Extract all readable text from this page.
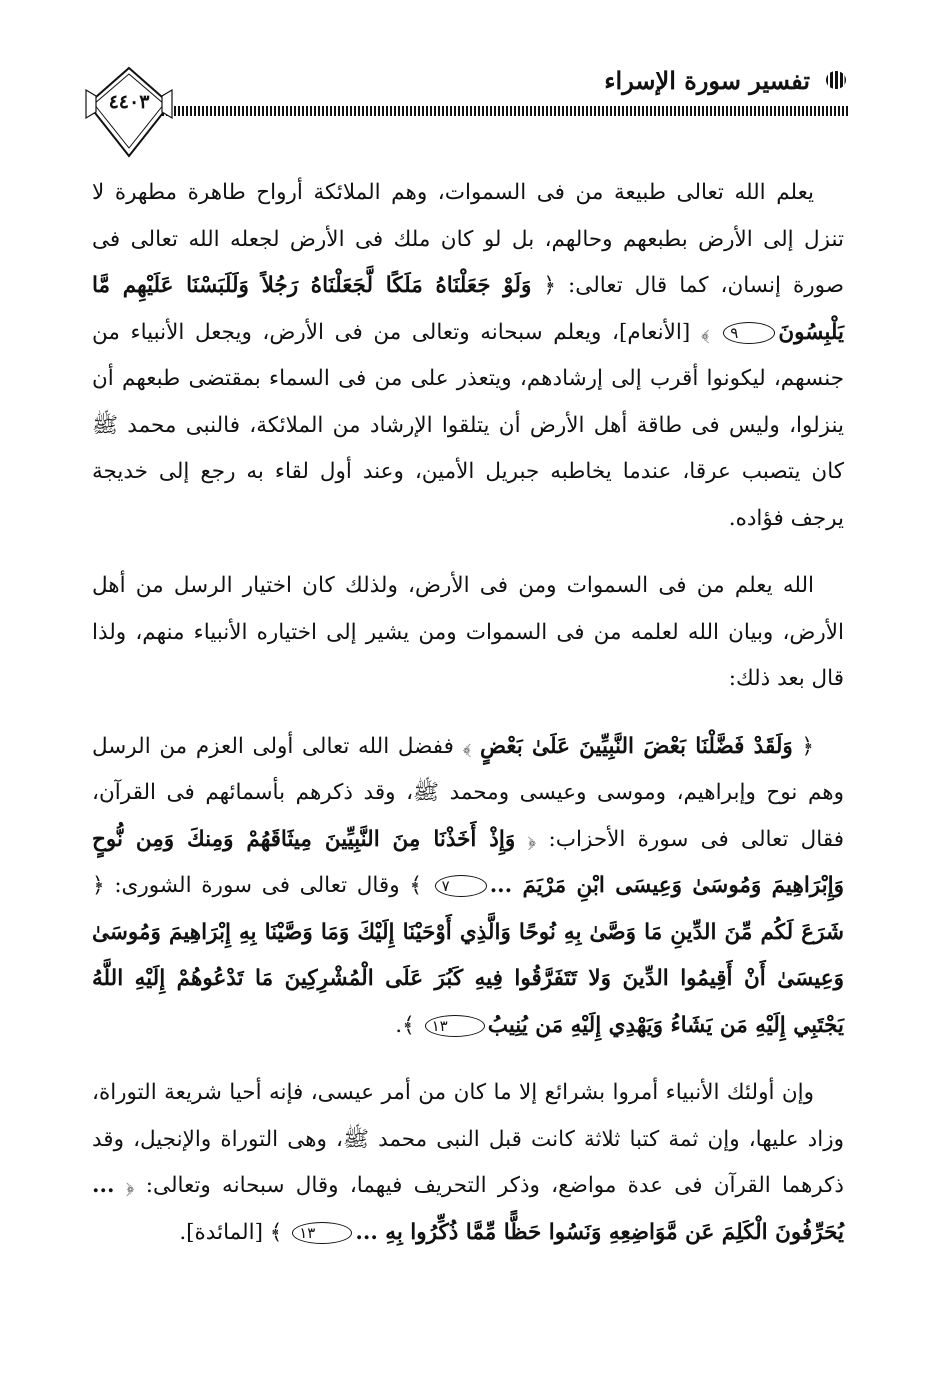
تفسير سورة الإسراء
٤٤٠٣

يعلم الله تعالى طبيعة من فى السموات، وهم الملائكة أرواح طاهرة مطهرة لا تنزل إلى الأرض بطبعهم وحالهم، بل لو كان ملك فى الأرض لجعله الله تعالى فى صورة إنسان، كما قال تعالى: ﴿ وَلَوْ جَعَلْنَاهُ مَلَكًا لَّجَعَلْنَاهُ رَجُلاً وَلَلَبَسْنَا عَلَيْهِم مَّا يَلْبِسُونَ٩ ﴾ [الأنعام]، ويعلم سبحانه وتعالى من فى الأرض، ويجعل الأنبياء من جنسهم، ليكونوا أقرب إلى إرشادهم، ويتعذر على من فى السماء بمقتضى طبعهم أن ينزلوا، وليس فى طاقة أهل الأرض أن يتلقوا الإرشاد من الملائكة، فالنبى محمد ﷺ كان يتصبب عرقا، عندما يخاطبه جبريل الأمين، وعند أول لقاء به رجع إلى خديجة يرجف فؤاده.

الله يعلم من فى السموات ومن فى الأرض، ولذلك كان اختيار الرسل من أهل الأرض، وبيان الله لعلمه من فى السموات ومن يشير إلى اختياره الأنبياء منهم، ولذا قال بعد ذلك:

﴿ وَلَقَدْ فَضَّلْنَا بَعْضَ النَّبِيِّينَ عَلَىٰ بَعْضٍ ﴾ ففضل الله تعالى أولى العزم من الرسل وهم نوح وإبراهيم، وموسى وعيسى ومحمد ﷺ، وقد ذكرهم بأسمائهم فى القرآن، فقال تعالى فى سورة الأحزاب: ﴿ وَإِذْ أَخَذْنَا مِنَ النَّبِيِّينَ مِيثَاقَهُمْ وَمِنكَ وَمِن نُّوحٍ وَإِبْرَاهِيمَ وَمُوسَىٰ وَعِيسَى ابْنِ مَرْيَمَ ...٧ ﴾ وقال تعالى فى سورة الشورى: ﴿ شَرَعَ لَكُم مِّنَ الدِّينِ مَا وَصَّىٰ بِهِ نُوحًا وَالَّذِي أَوْحَيْنَا إِلَيْكَ وَمَا وَصَّيْنَا بِهِ إِبْرَاهِيمَ وَمُوسَىٰ وَعِيسَىٰ أَنْ أَقِيمُوا الدِّينَ وَلا تَتَفَرَّقُوا فِيهِ كَبُرَ عَلَى الْمُشْرِكِينَ مَا تَدْعُوهُمْ إِلَيْهِ اللَّهُ يَجْتَبِي إِلَيْهِ مَن يَشَاءُ وَيَهْدِي إِلَيْهِ مَن يُنِيبُ١٣ ﴾.

وإن أولئك الأنبياء أمروا بشرائع إلا ما كان من أمر عيسى، فإنه أحيا شريعة التوراة، وزاد عليها، وإن ثمة كتبا ثلاثة كانت قبل النبى محمد ﷺ، وهى التوراة والإنجيل، وقد ذكرهما القرآن فى عدة مواضع، وذكر التحريف فيهما، وقال سبحانه وتعالى: ﴿ ... يُحَرِّفُونَ الْكَلِمَ عَن مَّوَاضِعِهِ وَنَسُوا حَظًّا مِّمَّا ذُكِّرُوا بِهِ ...١٣ ﴾ [المائدة].
